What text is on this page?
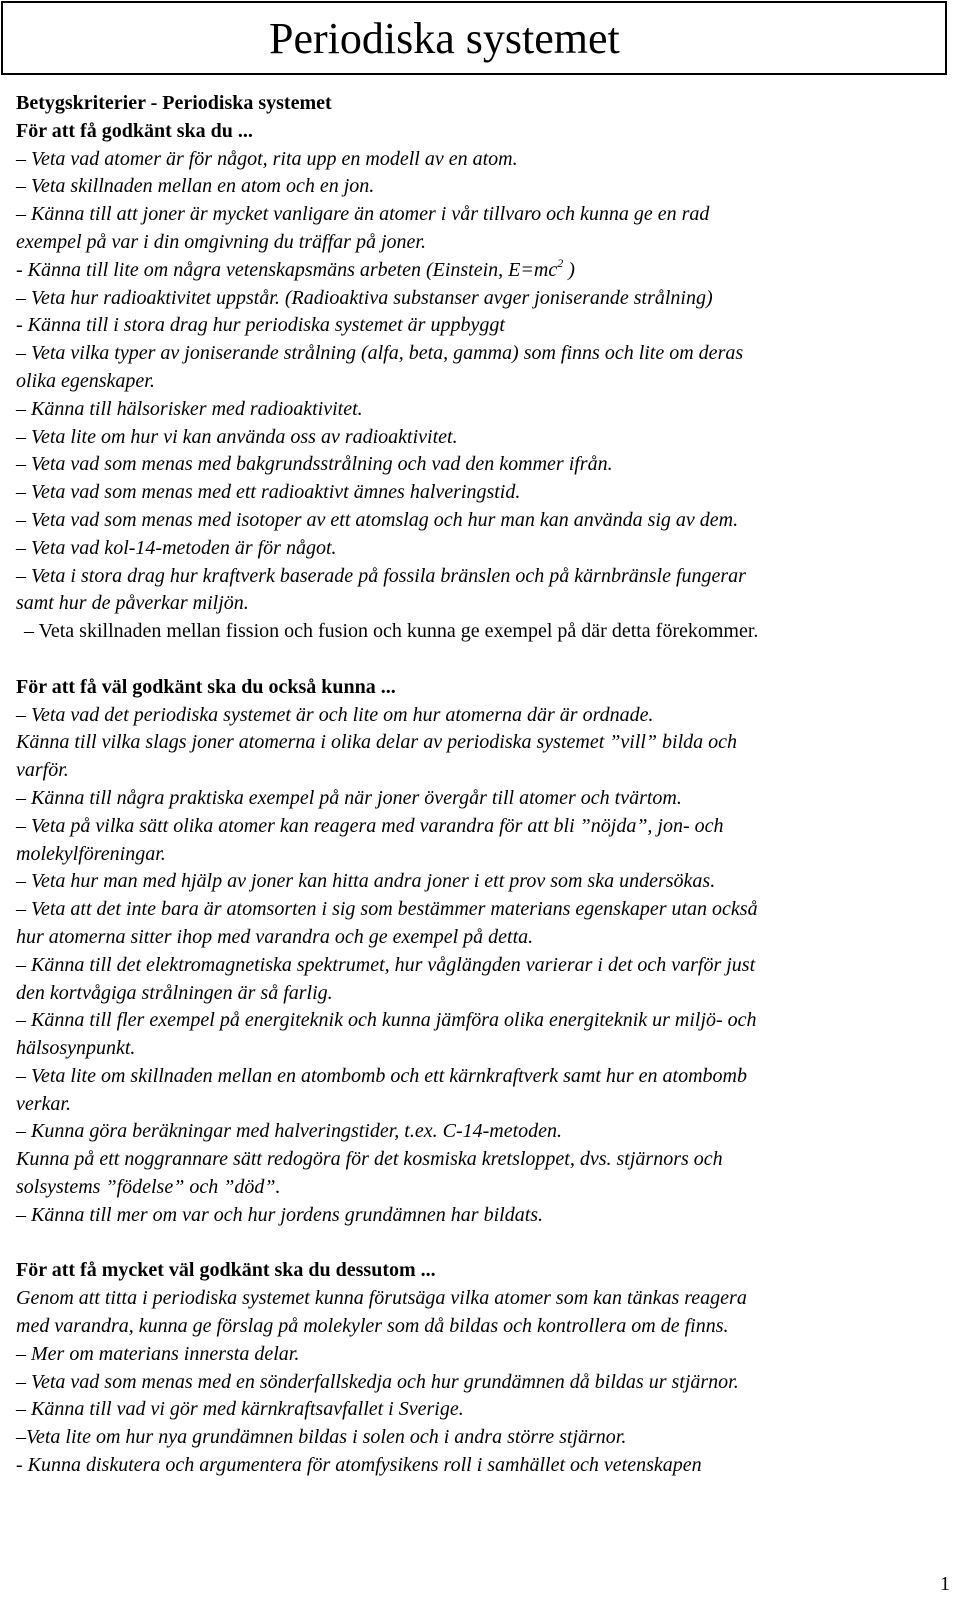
Periodiska systemet

Betygskriterier - Periodiska systemet

För att få godkänt ska du ...

– Veta vad atomer är för något, rita upp en modell av en atom.

– Veta skillnaden mellan en atom och en jon.

– Känna till att joner är mycket vanligare än atomer i vår tillvaro och kunna ge en rad

exempel på var i din omgivning du träffar på joner.

- Känna till lite om några vetenskapsmäns arbeten (Einstein, $E=mc^2$ )

– Veta hur radioaktivitet uppstår. (Radioaktiva substanser avger joniserande strålning)

- Känna till i stora drag hur periodiska systemet är uppbyggt

– Veta vilka typer av joniserande strålning (alfa, beta, gamma) som finns och lite om deras

olika egenskaper.

– Känna till hälsorisker med radioaktivitet.

– Veta lite om hur vi kan använda oss av radioaktivitet.

– Veta vad som menas med bakgrundsstrålning och vad den kommer ifrån.

– Veta vad som menas med ett radioaktivt ämnes halveringstid.

– Veta vad som menas med isotoper av ett atomslag och hur man kan använda sig av dem.

– Veta vad kol-14-metoden är för något.

– Veta i stora drag hur kraftverk baserade på fossila bränslen och på kärnbränsle fungerar

samt hur de påverkar miljön.

– Veta skillnaden mellan fission och fusion och kunna ge exempel på där detta förekommer.

För att få väl godkänt ska du också kunna ...

– Veta vad det periodiska systemet är och lite om hur atomerna där är ordnade.

Känna till vilka slags joner atomerna i olika delar av periodiska systemet ”vill” bilda och

varför.

– Känna till några praktiska exempel på när joner övergår till atomer och tvärtom.

– Veta på vilka sätt olika atomer kan reagera med varandra för att bli ”nöjda”, jon- och

molekylföreningar.

– Veta hur man med hjälp av joner kan hitta andra joner i ett prov som ska undersökas.

– Veta att det inte bara är atomsorten i sig som bestämmer materians egenskaper utan också

hur atomerna sitter ihop med varandra och ge exempel på detta.

– Känna till det elektromagnetiska spektrumet, hur våglängden varierar i det och varför just

den kortvågiga strålningen är så farlig.

– Känna till fler exempel på energiteknik och kunna jämföra olika energiteknik ur miljö- och

hälsosynpunkt.

– Veta lite om skillnaden mellan en atombomb och ett kärnkraftverk samt hur en atombomb

verkar.

– Kunna göra beräkningar med halveringstider, t.ex. C-14-metoden.

Kunna på ett noggrannare sätt redogöra för det kosmiska kretsloppet, dvs. stjärnors och

solsystems ”födelse” och ”död”.

– Känna till mer om var och hur jordens grundämnen har bildats.

För att få mycket väl godkänt ska du dessutom ...

Genom att titta i periodiska systemet kunna förutsäga vilka atomer som kan tänkas reagera

med varandra, kunna ge förslag på molekyler som då bildas och kontrollera om de finns.

– Mer om materians innersta delar.

– Veta vad som menas med en sönderfallskedja och hur grundämnen då bildas ur stjärnor.

– Känna till vad vi gör med kärnkraftsavfallet i Sverige.

–Veta lite om hur nya grundämnen bildas i solen och i andra större stjärnor.

- Kunna diskutera och argumentera för atomfysikens roll i samhället och vetenskapen

1
